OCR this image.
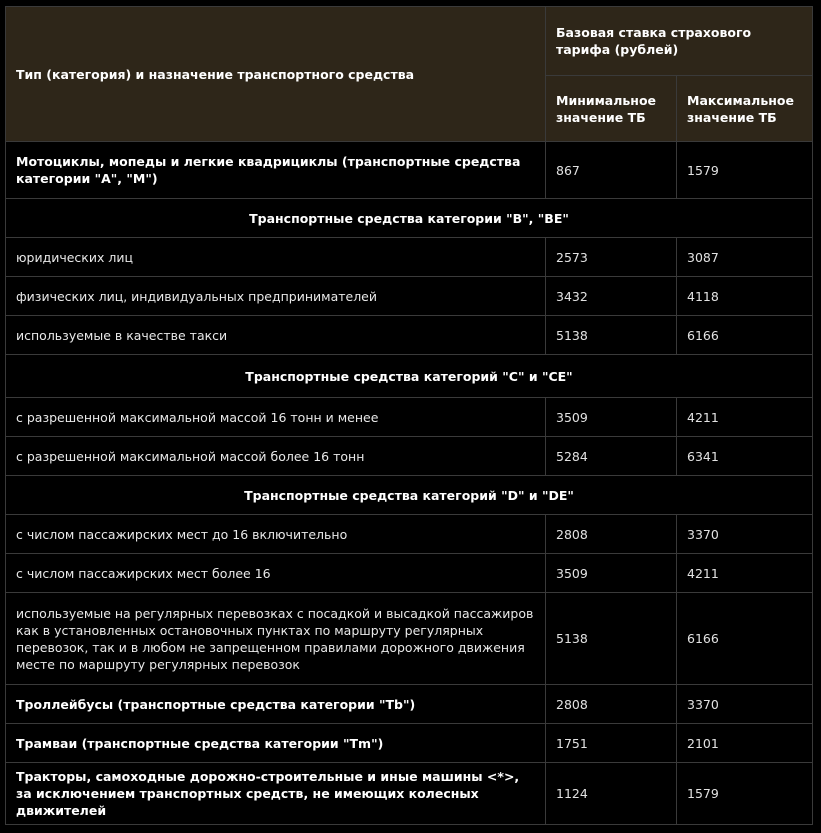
Тип (категория) и назначение транспортного средства	Базовая ставка страхового тарифа (рублей)	
	Минимальное значение ТБ	Максимальное значение ТБ
Мотоциклы, мопеды и легкие квадрициклы (транспортные средства категории "A", "M")	867	1579
Транспортные средства категории "B", "BE"		
юридических лиц	2573	3087
физических лиц, индивидуальных предпринимателей	3432	4118
используемые в качестве такси	5138	6166
Транспортные средства категорий "C" и "CE"		
с разрешенной максимальной массой 16 тонн и менее	3509	4211
с разрешенной максимальной массой более 16 тонн	5284	6341
Транспортные средства категорий "D" и "DE"		
с числом пассажирских мест до 16 включительно	2808	3370
с числом пассажирских мест более 16	3509	4211
используемые на регулярных перевозках с посадкой и высадкой пассажиров как в установленных остановочных пунктах по маршруту регулярных перевозок, так и в любом не запрещенном правилами дорожного движения месте по маршруту регулярных перевозок	5138	6166
Троллейбусы (транспортные средства категории "Tb")	2808	3370
Трамваи (транспортные средства категории "Tm")	1751	2101
Тракторы, самоходные дорожно-строительные и иные машины <*>, за исключением транспортных средств, не имеющих колесных движителей	1124	1579
